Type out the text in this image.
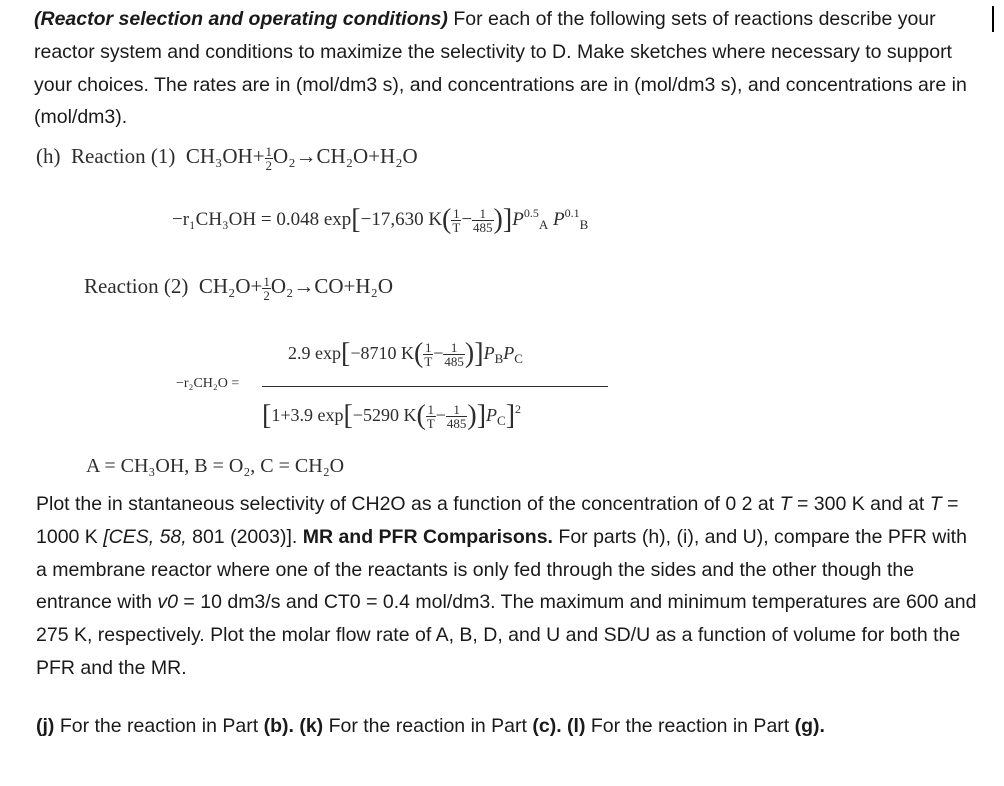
(Reactor selection and operating conditions) For each of the following sets of reactions describe your reactor system and conditions to maximize the selectivity to D. Make sketches where necessary to support your choices. The rates are in (mol/dm3 s), and concentrations are in (mol/dm3 s), and concentrations are in (mol/dm3).

(h) Reaction (1) $CH_3OH+ \frac{1}{2} O_2\to CH_2O+H_2O$
−r₁CH₃OH = 0.048 exp[−17,630 $K( \frac{1}{T} - \frac{1}{485} )]P^{0.5}_A$ $P^{0.1}_B$
Reaction (2) $CH_2O+ \frac{1}{2} O_2\to CO+H_2O$
2.9 exp[−8710 $K( \frac{1}{T} - \frac{1}{485} )]P_BP_C$
−r₂CH₂O =
[1+3.9 exp[−5290 $K( \frac{1}{T} - \frac{1}{485} )]P_C]^2$
A = CH₃OH, B = O₂, C = CH₂O

Plot the in stantaneous selectivity of CH2O as a function of the concentration of 0 2 at T = 300 K and at T = 1000 K [CES, 58, 801 (2003)]. MR and PFR Comparisons. For parts (h), (i), and U), compare the PFR with a membrane reactor where one of the reactants is only fed through the sides and the other though the entrance with v0 = 10 dm3/s and CT0 = 0.4 mol/dm3. The maximum and minimum temperatures are 600 and 275 K, respectively. Plot the molar flow rate of A, B, D, and U and SD/U as a function of volume for both the PFR and the MR.

(j) For the reaction in Part (b). (k) For the reaction in Part (c). (l) For the reaction in Part (g).
